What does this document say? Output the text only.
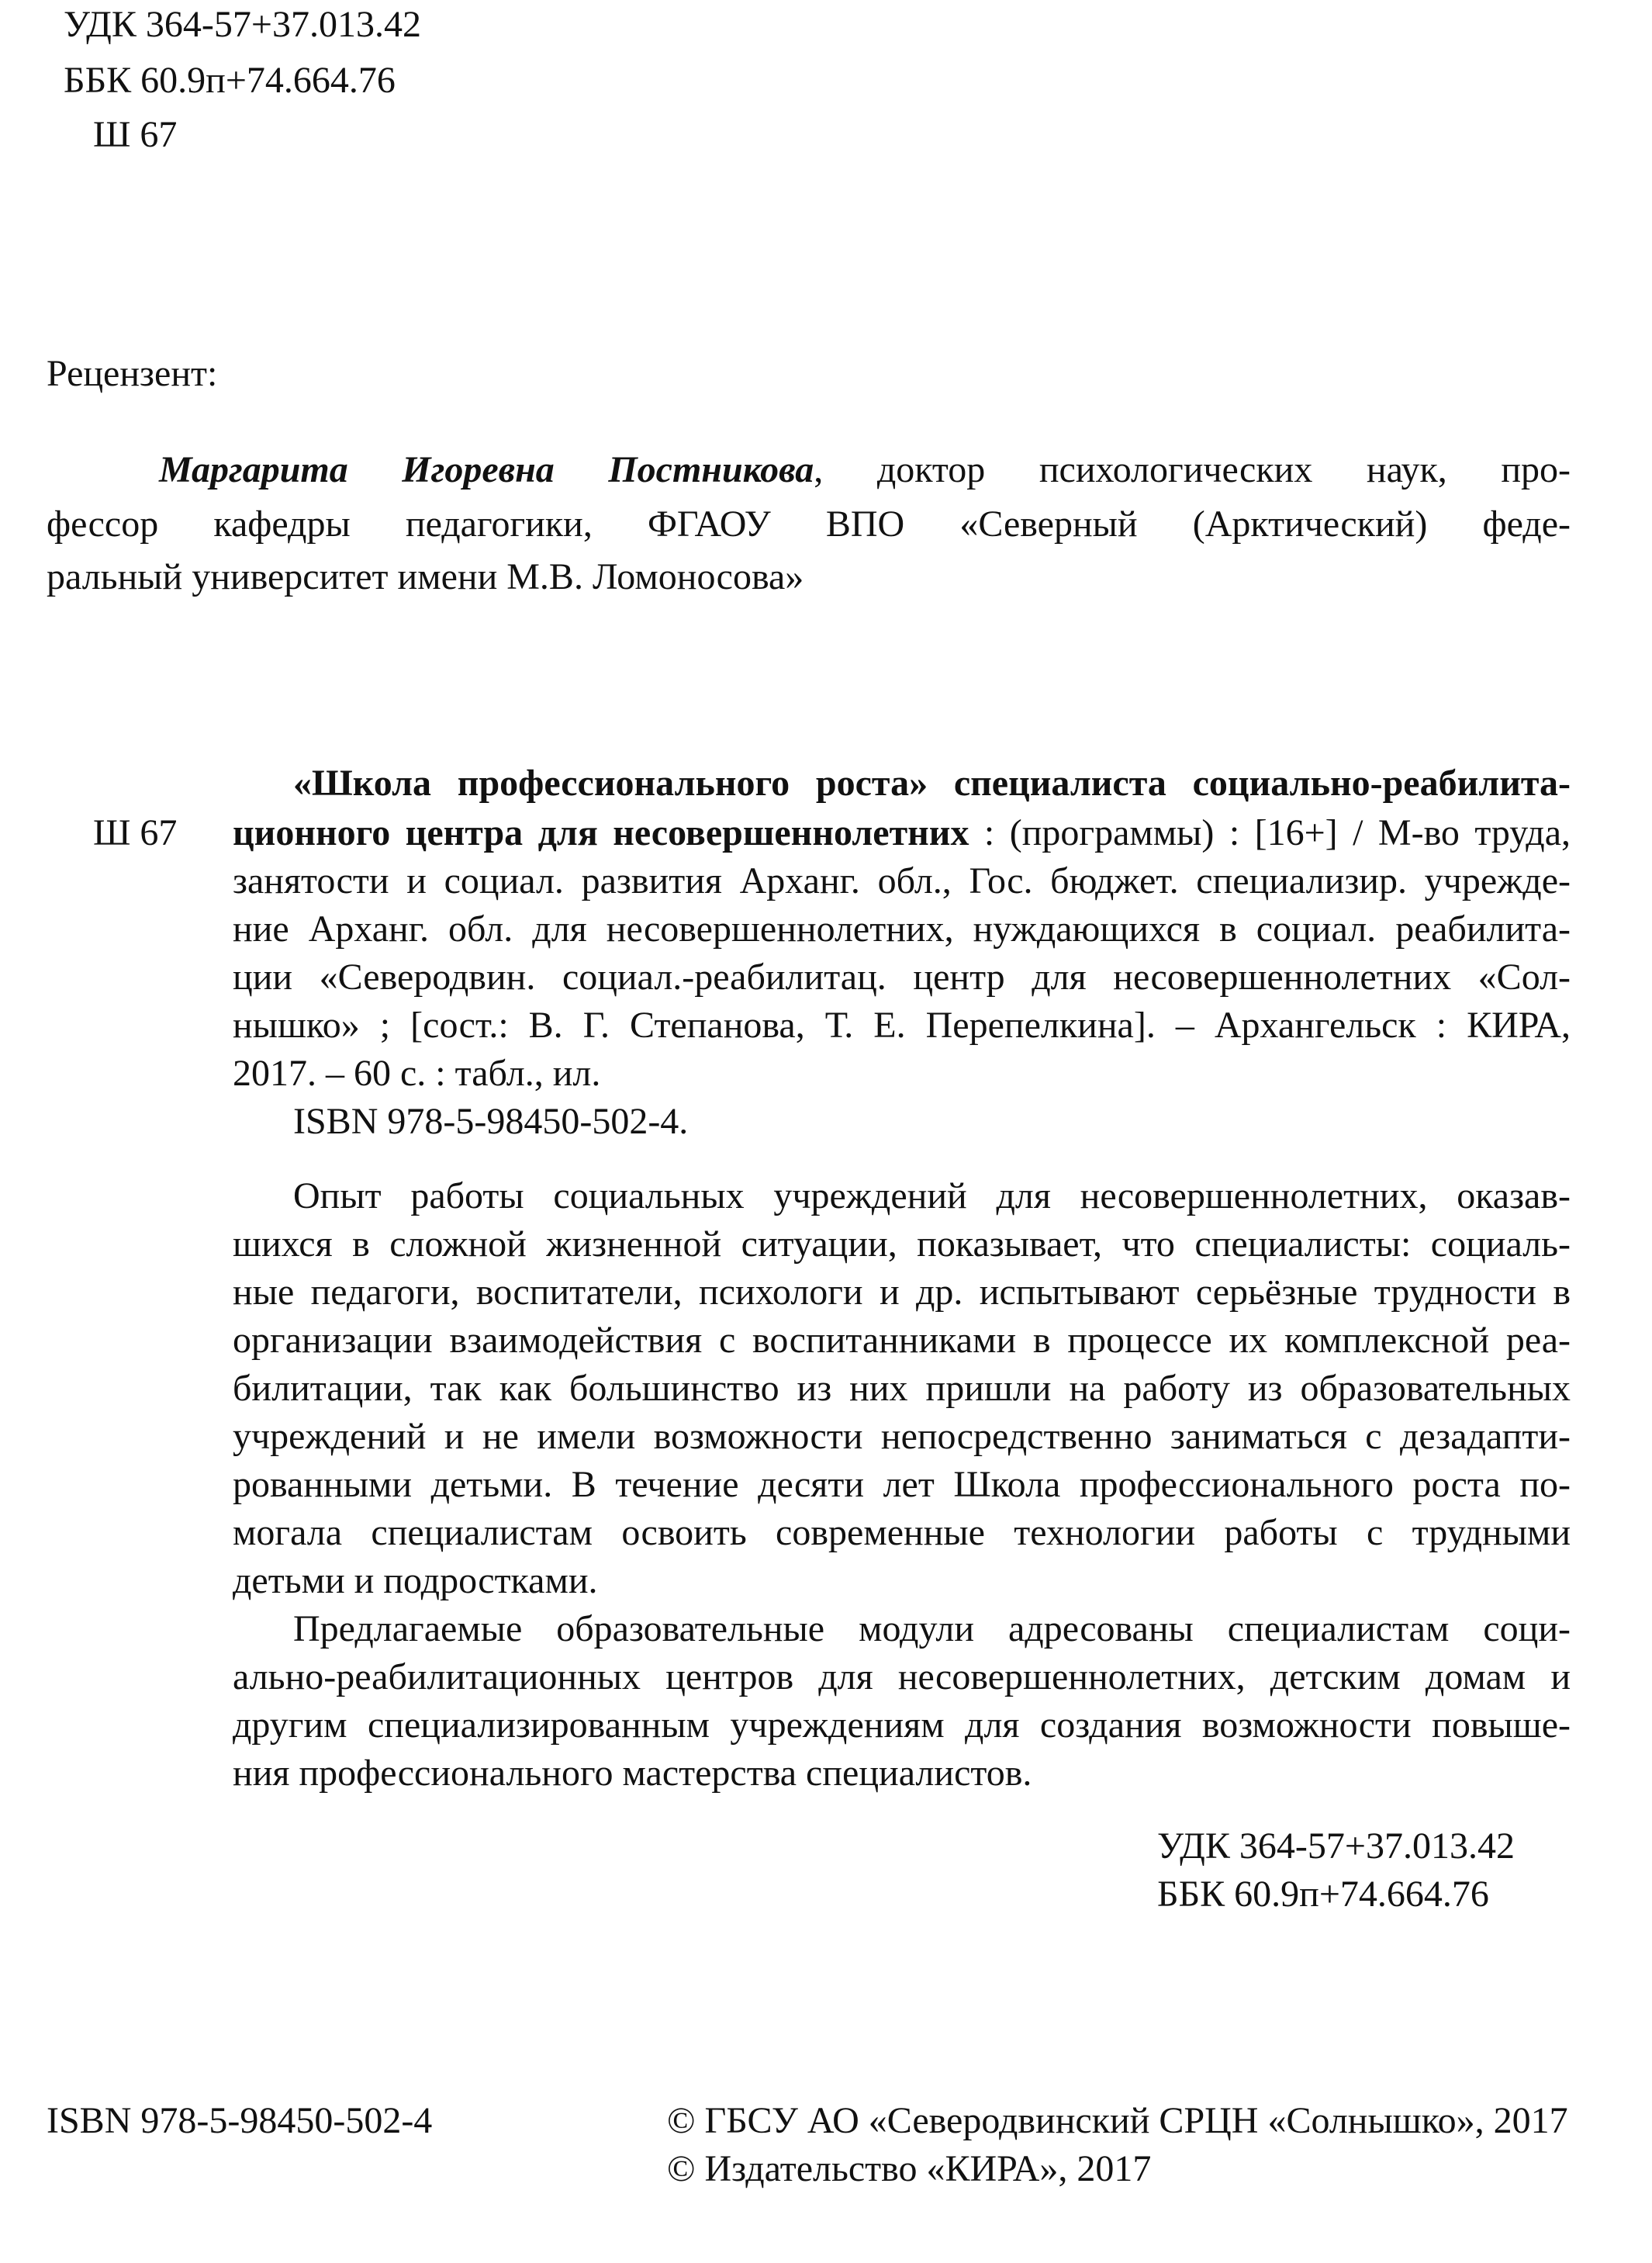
УДК 364-57+37.013.42
ББК 60.9п+74.664.76
Ш 67
Рецензент:
Маргарита Игоревна Постникова, доктор психологических наук, про-
фессор кафедры педагогики, ФГАОУ ВПО «Северный (Арктический) феде-
ральный университет имени М.В. Ломоносова»
Ш 67
«Школа профессионального роста» специалиста социально-реабилита-
ционного центра для несовершеннолетних : (программы) : [16+] / М-во труда,
занятости и социал. развития Арханг. обл., Гос. бюджет. специализир. учрежде-
ние Арханг. обл. для несовершеннолетних, нуждающихся в социал. реабилита-
ции «Северодвин. социал.-реабилитац. центр для несовершеннолетних «Сол-
нышко» ; [сост.: В. Г. Степанова, Т. Е. Перепелкина]. – Архангельск : КИРА,
2017. – 60 с. : табл., ил.
ISBN 978-5-98450-502-4.
Опыт работы социальных учреждений для несовершеннолетних, оказав-
шихся в сложной жизненной ситуации, показывает, что специалисты: социаль-
ные педагоги, воспитатели, психологи и др. испытывают серьёзные трудности в
организации взаимодействия с воспитанниками в процессе их комплексной реа-
билитации, так как большинство из них пришли на работу из образовательных
учреждений и не имели возможности непосредственно заниматься с дезадапти-
рованными детьми. В течение десяти лет Школа профессионального роста по-
могала специалистам освоить современные технологии работы с трудными
детьми и подростками.
Предлагаемые образовательные модули адресованы специалистам соци-
ально-реабилитационных центров для несовершеннолетних, детским домам и
другим специализированным учреждениям для создания возможности повыше-
ния профессионального мастерства специалистов.
УДК 364-57+37.013.42
ББК 60.9п+74.664.76
ISBN 978-5-98450-502-4	© ГБСУ АО «Северодвинский СРЦН «Солнышко», 2017
© Издательство «КИРА», 2017
